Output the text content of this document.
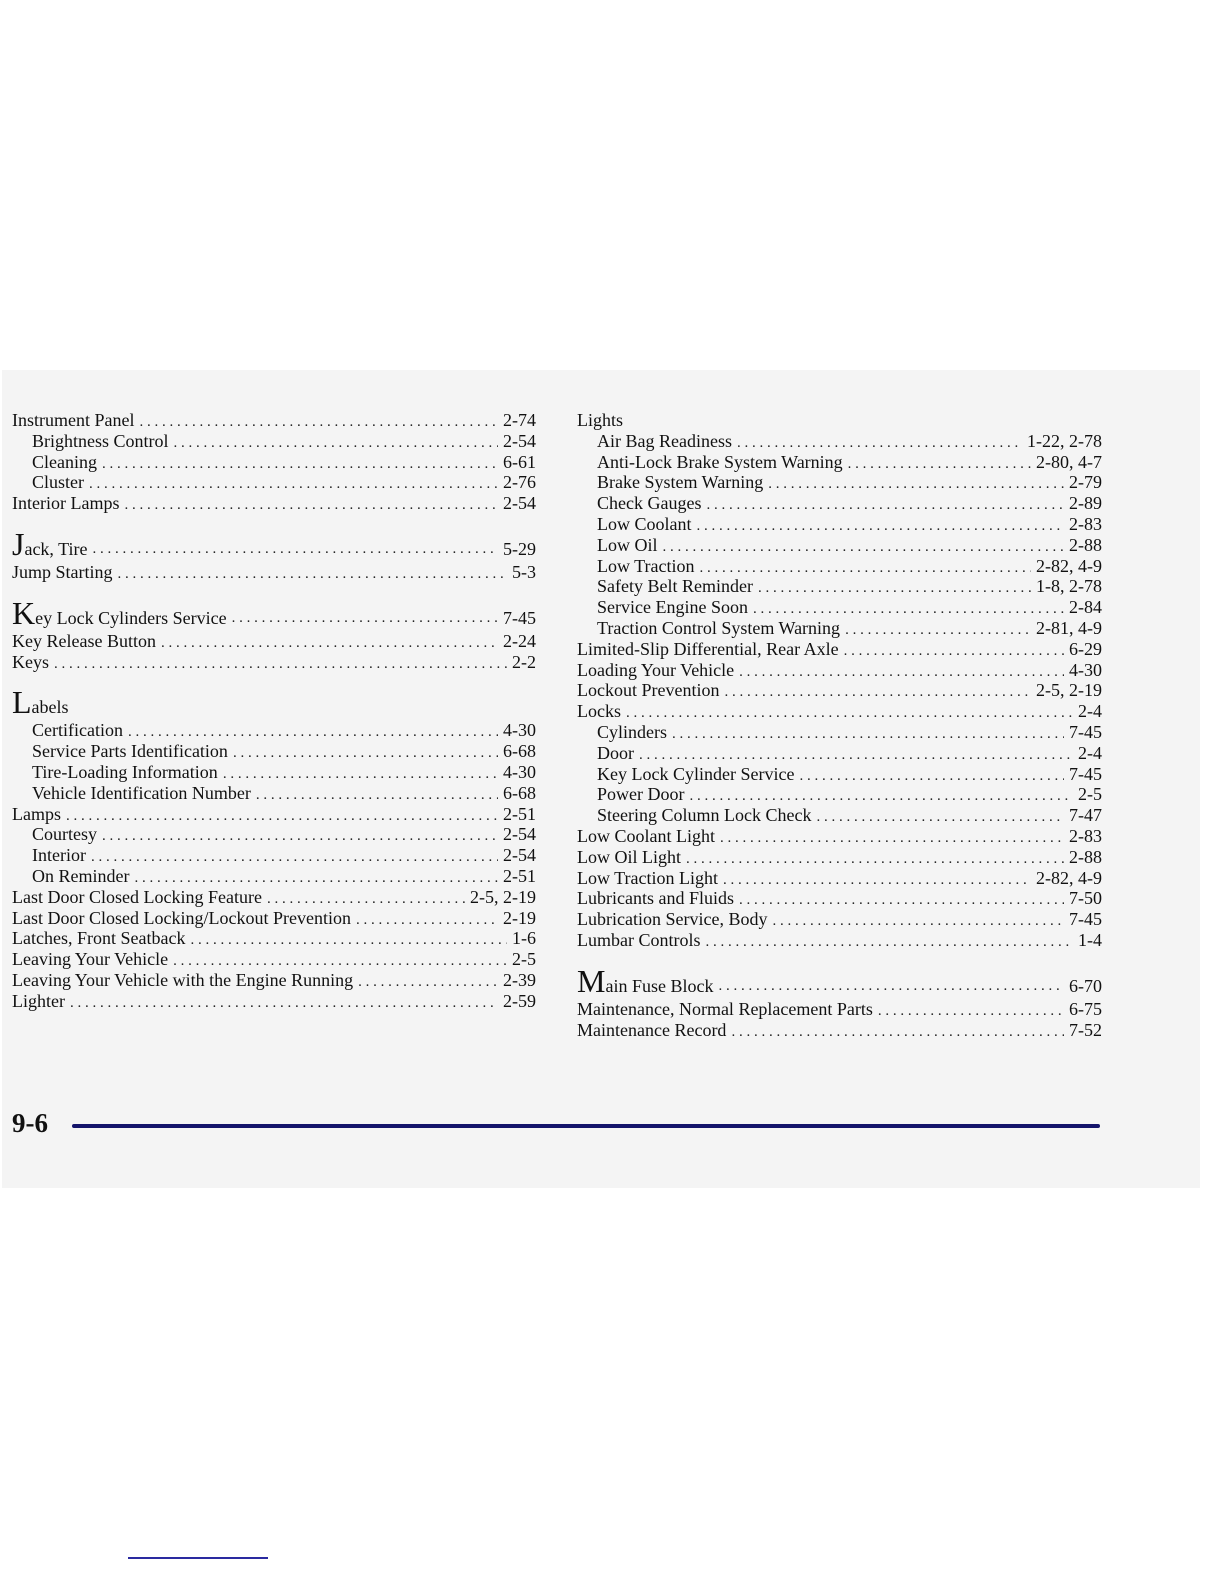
Instrument Panel . . .	2-74
Brightness Control . . .	2-54
Cleaning . . .	6-61
Cluster . . .	2-76
Interior Lamps . . .	2-54
Jack, Tire . . .	5-29
Jump Starting . . .	5-3
Key Lock Cylinders Service . . .	7-45
Key Release Button . . .	2-24
Keys . . .	2-2
Labels
Certification . . .	4-30
Service Parts Identification . . .	6-68
Tire-Loading Information . . .	4-30
Vehicle Identification Number . . .	6-68
Lamps . . .	2-51
Courtesy . . .	2-54
Interior . . .	2-54
On Reminder . . .	2-51
Last Door Closed Locking Feature . . .	2-5, 2-19
Last Door Closed Locking/Lockout Prevention . . .	2-19
Latches, Front Seatback . . .	1-6
Leaving Your Vehicle . . .	2-5
Leaving Your Vehicle with the Engine Running . . .	2-39
Lighter . . .	2-59
Lights
Air Bag Readiness . . .	1-22, 2-78
Anti-Lock Brake System Warning . . .	2-80, 4-7
Brake System Warning . . .	2-79
Check Gauges . . .	2-89
Low Coolant . . .	2-83
Low Oil . . .	2-88
Low Traction . . .	2-82, 4-9
Safety Belt Reminder . . .	1-8, 2-78
Service Engine Soon . . .	2-84
Traction Control System Warning . . .	2-81, 4-9
Limited-Slip Differential, Rear Axle . . .	6-29
Loading Your Vehicle . . .	4-30
Lockout Prevention . . .	2-5, 2-19
Locks . . .	2-4
Cylinders . . .	7-45
Door . . .	2-4
Key Lock Cylinder Service . . .	7-45
Power Door . . .	2-5
Steering Column Lock Check . . .	7-47
Low Coolant Light . . .	2-83
Low Oil Light . . .	2-88
Low Traction Light . . .	2-82, 4-9
Lubricants and Fluids . . .	7-50
Lubrication Service, Body . . .	7-45
Lumbar Controls . . .	1-4
Main Fuse Block . . .	6-70
Maintenance, Normal Replacement Parts . . .	6-75
Maintenance Record . . .	7-52
9-6
